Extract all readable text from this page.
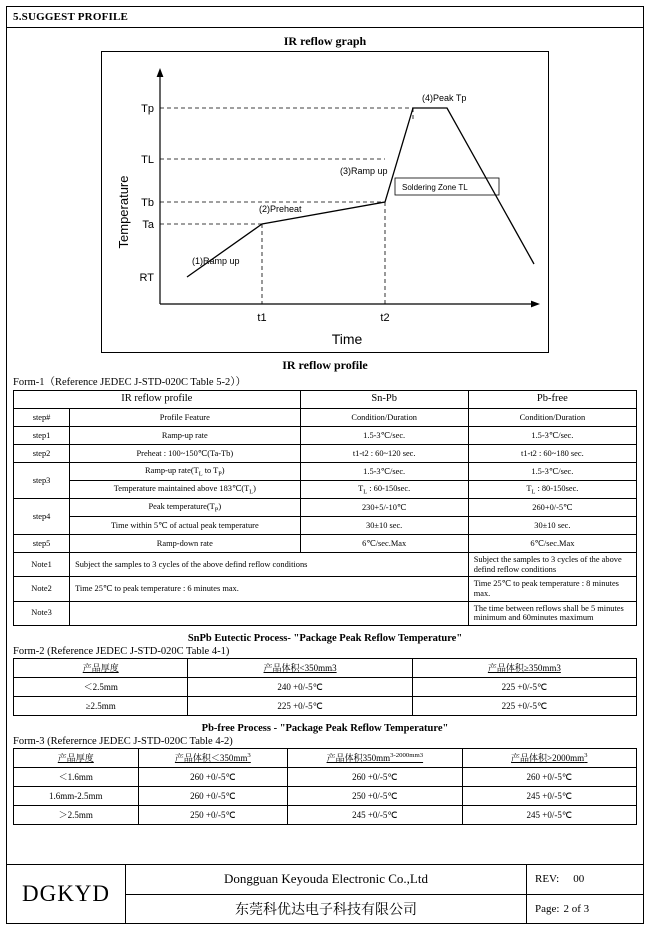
5.SUGGEST PROFILE
IR reflow graph
Tp
TL
Tb
Ta
RT
t1	t2
(1)Ramp up
(2)Preheat
(3)Ramp up
(4)Peak Tp
Soldering Zone TL
Temperature
Time
IR reflow profile
Form-1（Reference JEDEC J-STD-020C Table 5-2））
IR reflow profile		Sn-Pb	Pb-free
step#	Profile Feature	Condition/Duration	Condition/Duration
step1	Ramp-up rate	1.5-3℃/sec.	1.5-3℃/sec.
step2	Preheat : 100~150℃(Ta-Tb)	t1-t2 : 60~120 sec.	t1-t2 : 60~180 sec.
step3	Ramp-up $rate(T_L$ to $T_P$)	1.5-3℃/sec.	1.5-3℃/sec.
	Temperature maintained above $183℃(T_L)$	$T_L$ : 60-150sec.	$T_L$ : 80-150sec.
step4	Peak $temperature(T_P)$	230+5/-10℃	260+0/-5℃
	Time within 5℃ of actual peak temperature	30±10 sec.	30±10 sec.
step5	Ramp-down rate	6℃/sec.Max	6℃/sec.Max
Note1	Subject the samples to 3 cycles of the above defind reflow conditions		Subject the samples to 3 cycles of the above defind reflow conditions
Note2	Time 25℃ to peak temperature : 6 minutes max.		Time 25℃ to peak temperature : 8 minutes max.
Note3			The time between reflows shall be 5 minutes minimum and 60minutes maximum
SnPb Eutectic Process- "Package Peak Reflow Temperature"
Form-2 (Reference JEDEC J-STD-020C Table 4-1)
产品厚度	产品体积<350mm3	产品体积≥350mm3
＜2.5mm	240 +0/-5℃	225 +0/-5℃
≥2.5mm	225 +0/-5℃	225 +0/-5℃
Pb-free Process - "Package Peak Reflow Temperature"
Form-3 (Referernce JEDEC J-STD-020C Table 4-2)
产品厚度	产品体积$<350mm^3$	产品体积$350mm^{3-2000mm3}$	产品体积$>2000mm^3$
＜1.6mm	260 +0/-5℃	260 +0/-5℃	260 +0/-5℃
1.6mm-2.5mm	260 +0/-5℃	250 +0/-5℃	245 +0/-5℃
＞2.5mm	250 +0/-5℃	245 +0/-5℃	245 +0/-5℃
DGKYD
Dongguan Keyouda Electronic Co.,Ltd
东莞科优达电子科技有限公司
REV: 00
Page: 2 of 3
